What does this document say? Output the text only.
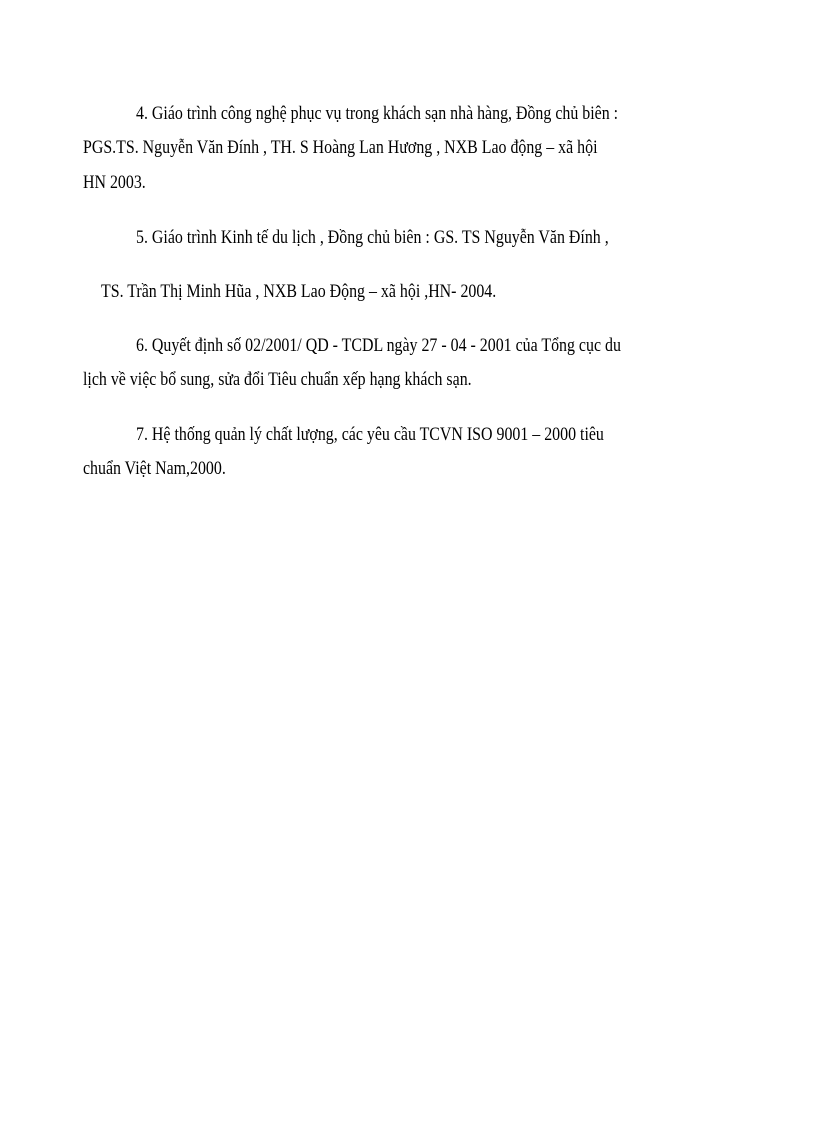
4. Giáo trình công nghệ phục vụ trong khách sạn nhà hàng, Đồng chủ biên :
PGS.TS. Nguyễn Văn Đính , TH. S Hoàng Lan Hương , NXB Lao động – xã hội
HN 2003.
5. Giáo trình Kinh tế du lịch , Đồng chủ biên : GS. TS Nguyễn Văn Đính ,
TS. Trần Thị Minh Hũa , NXB Lao Động – xã hội ,HN- 2004.
6. Quyết định số 02/2001/ QD - TCDL ngày 27 - 04 - 2001 của Tổng cục du
lịch về việc bổ sung, sửa đổi Tiêu chuẩn xếp hạng khách sạn.
7. Hệ thống quản lý chất lượng, các yêu cầu TCVN ISO 9001 – 2000 tiêu
chuẩn Việt Nam,2000.
